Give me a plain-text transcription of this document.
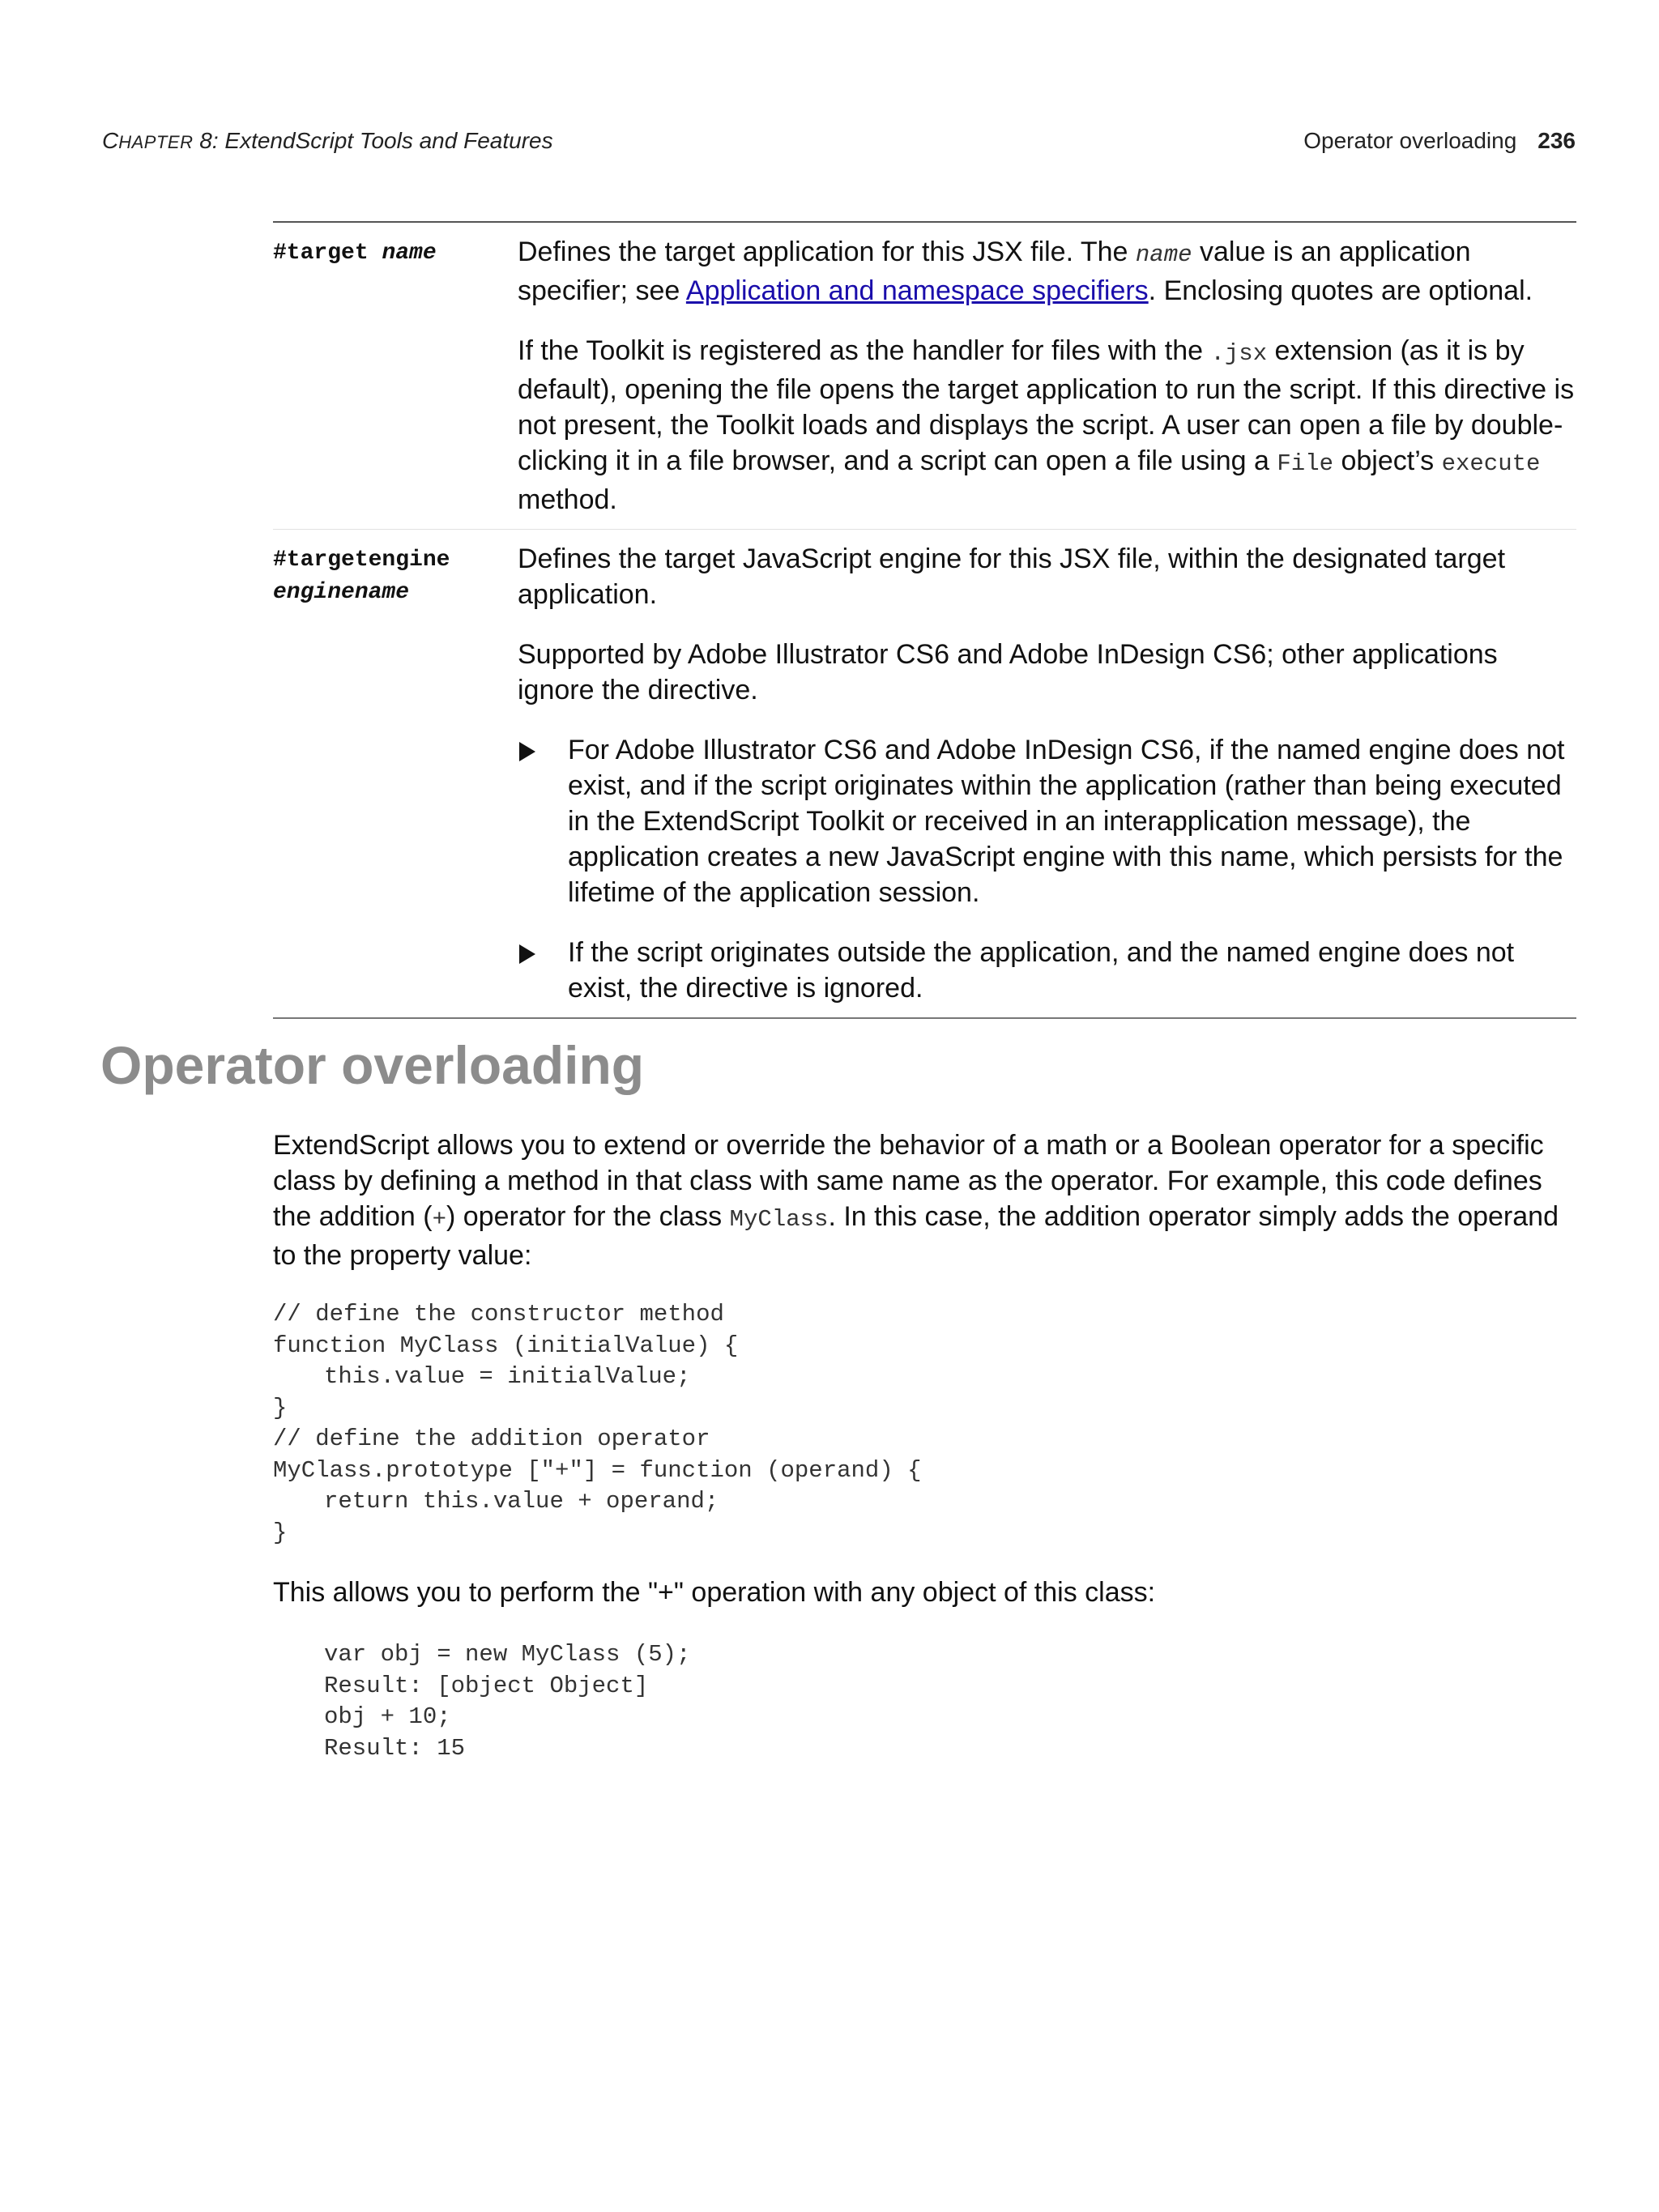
CHAPTER 8: ExtendScript Tools and Features	Operator overloading 236
#target name	Defines the target application for this JSX file. The name value is an application specifier; see Application and namespace specifiers. Enclosing quotes are optional.

If the Toolkit is registered as the handler for files with the .jsx extension (as it is by default), opening the file opens the target application to run the script. If this directive is not present, the Toolkit loads and displays the script. A user can open a file by double-clicking it in a file browser, and a script can open a file using a File object’s execute method.

#targetengine
enginename

Defines the target JavaScript engine for this JSX file, within the designated target application.

Supported by Adobe Illustrator CS6 and Adobe InDesign CS6; other applications ignore the directive.

For Adobe Illustrator CS6 and Adobe InDesign CS6, if the named engine does not exist, and if the script originates within the application (rather than being executed in the ExtendScript Toolkit or received in an interapplication message), the application creates a new JavaScript engine with this name, which persists for the lifetime of the application session.
If the script originates outside the application, and the named engine does not exist, the directive is ignored.
Operator overloading

ExtendScript allows you to extend or override the behavior of a math or a Boolean operator for a specific class by defining a method in that class with same name as the operator. For example, this code defines the addition (+) operator for the class MyClass. In this case, the addition operator simply adds the operand to the property value:

// define the constructor method
function MyClass (initialValue) {
this.value = initialValue;
}
// define the addition operator
MyClass.prototype ["+"] = function (operand) {
return this.value + operand;
}

This allows you to perform the "+" operation with any object of this class:

var obj = new MyClass (5);
Result: [object Object]
obj + 10;
Result: 15
